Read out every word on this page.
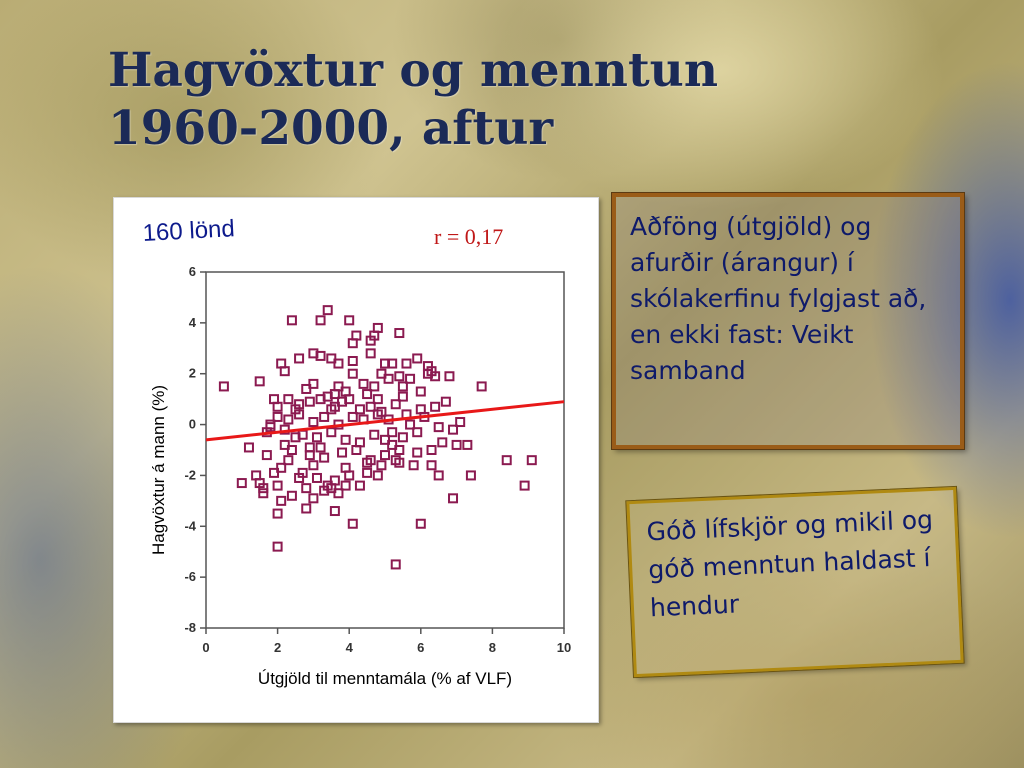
Hagvöxtur og menntun
1960-2000, aftur
160 lönd	r = 0,17
0	2	4	6	8	10
-8
-6
-4
-2
0
2
4
6
Útgjöld til menntamála (% af VLF)
Hagvöxtur á mann (%)

Aðföng (útgjöld) og afurðir (árangur) í skólakerfinu fylgjast að, en ekki fast: Veikt samband

Góð lífskjör og mikil og góð menntun haldast í hendur
